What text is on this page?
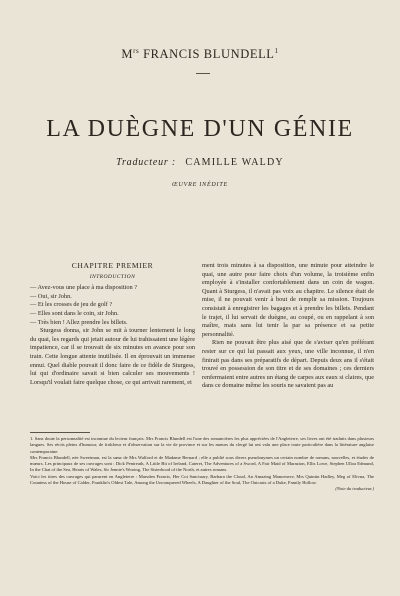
$M^{rs}$ FRANCIS BLUNDELL$^1$
LA DUÈGNE D'UN GÉNIE
Traducteur : CAMILLE WALDY
ŒUVRE INÉDITE
CHAPITRE PREMIER
INTRODUCTION

— Avez-vous une place à ma disposition ?

— Oui, sir John.

— Et les crosses de jeu de golf ?

— Elles sont dans le coin, sir John.

— Très bien ! Allez prendre les billets.

Sturgess donna, sir John se mit à tourner lentement le long du quai, les regards qui jetait autour de lui trahissaient une légère impatience, car il se trouvait de six minutes en avance pour son train. Cette longue attente inutilisée. Il en éprouvait un immense ennui. Quel diable pouvait il donc faire de ce fidèle de Sturgess, lui qui d'ordinaire savait si bien calculer ses mouvements ! Lorsqu'il voulait faire quelque chose, ce qui arrivait rarement, et

ment trois minutes à sa disposition, une minute pour atteindre le quai, une autre pour faire choix d'un volume, la troisième enfin employée à s'installer confortablement dans un coin de wagon. Quant à Sturgess, il n'avait pas voix au chapitre. Le silence était de mise, il ne pouvait venir à bout de remplir sa mission. Toujours consistait à enregistrer les bagages et à prendre les billets. Pendant le trajet, il lui servait de duègne, au coupé, ou en rappelant à son maître, mais sans lui tenir la par sa présence et sa petite personnalité.

Rien ne pouvait être plus aisé que de s'aviser qu'en préférant rester sur ce qui lui passait aux yeux, une ville inconnue, il n'en finirait pas dans ses préparatifs de départ. Depuis deux ans il s'était trouvé en possession de son titre et de ses domaines ; ces derniers renfermaient entre autres un étang de carpes aux eaux si claires, que dans ce domaine même les souris ne savaient pas au

1. Sans doute la personnalité est inconnue du lecteur français. Mrs Francis Blundell est l'une des romancières les plus appréciées de l'Angleterre, ses livres ont été traduits dans plusieurs langues. Ses récits pleins d'humour, de fraîcheur et d'observation sur la vie de province et sur les mœurs du clergé lui ont valu une place toute particulière dans la littérature anglaise contemporaine.

Mrs Francis Blundell, née Sweetman, est la sœur de Mrs Walford et de Madame Bernard ; elle a publié sous divers pseudonymes un certain nombre de romans, nouvelles, et études de mœurs. Les principaux de ses ouvrages sont : Dick Pentreath, A Little Bit of Ireland, Cateret, The Adventures of a Sword, A Fair Maid of Marazion, Ellis Lowe, Stephen Ulloa Edmund, In the Chat of the Sea, Hearts of Wales, Sir Jennie's Wooing, The Sisterhood of the North, et autres romans.

Voici les titres des ouvrages qui parurent en Angleterre : Marsden Francis, Her Cot Sanctuary, Barbara the Cloud, An Amazing Manoeuvre, Mrs Quintin Hadley, Meg of Elivna, The Countess of the House of Calder, Franklin's Oldest Tale, Among the Unconquered Wheels, A Daughter of the Soul, The Outcasts of a Duke, Family Hollow.

(Note du traducteur.)
